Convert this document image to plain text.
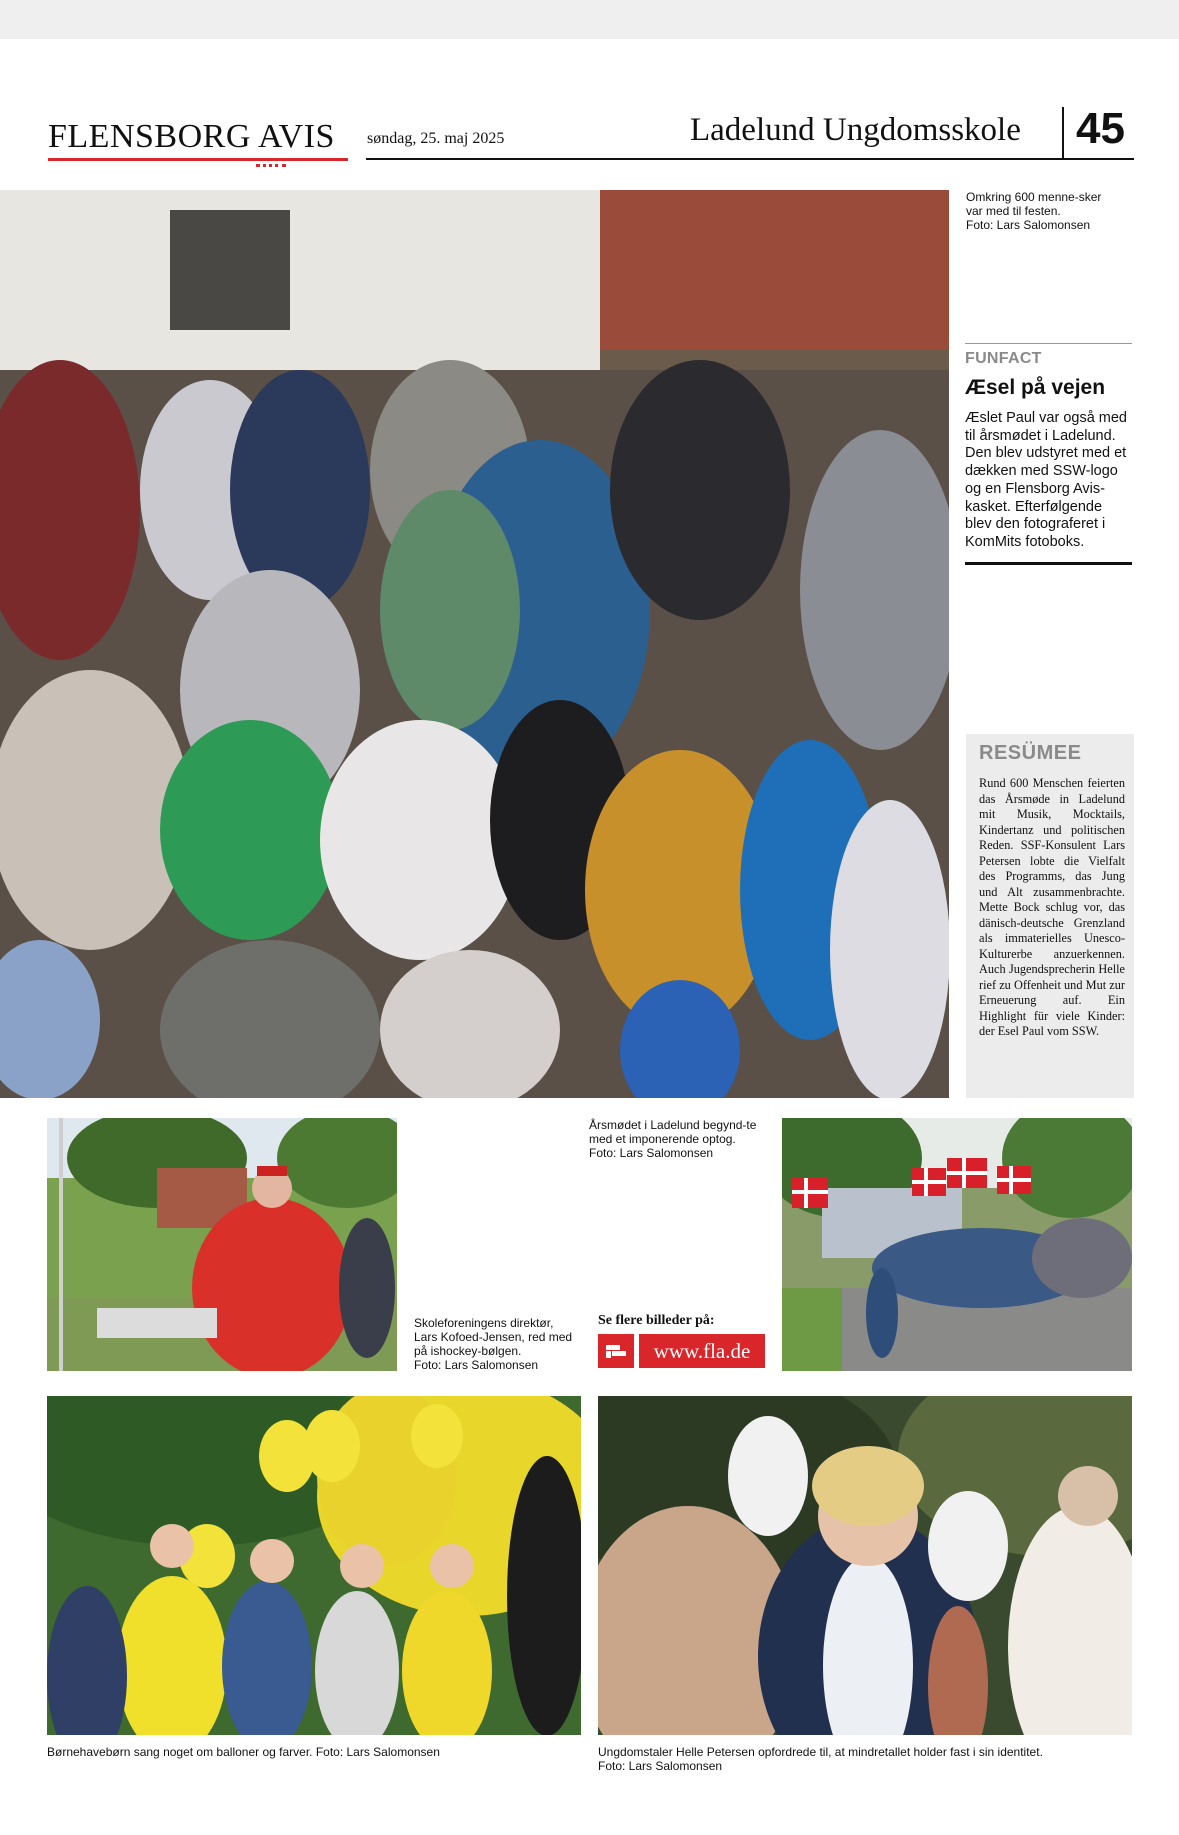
FLENSBORG AVIS søndag, 25. maj 2025	Ladelund Ungdomsskole 45
Omkring 600 menne-sker var med til festen.
Foto: Lars Salomonsen
FUNFACT
Æsel på vejen
Æslet Paul var også med til årsmødet i Ladelund. Den blev udstyret med et dækken med SSW-logo og en Flensborg Avis-kasket. Efterfølgende blev den fotograferet i KomMits fotoboks.
RESÜMEE
Rund 600 Menschen feierten das Årsmøde in Ladelund mit Musik, Mocktails, Kindertanz und politischen Reden. SSF-Konsulent Lars Petersen lobte die Vielfalt des Programms, das Jung und Alt zusammenbrachte. Mette Bock schlug vor, das dänisch-deutsche Grenzland als immaterielles Unesco-Kulturerbe anzuerkennen. Auch Jugendsprecherin Helle rief zu Offenheit und Mut zur Erneuerung auf. Ein Highlight für viele Kinder: der Esel Paul vom SSW.
Skoleforeningens direktør, Lars Kofoed-Jensen, red med på ishockey-bølgen.
Foto: Lars Salomonsen
Årsmødet i Ladelund begynd-te med et imponerende optog.
Foto: Lars Salomonsen
Se flere billeder på:
www.fla.de
Børnehavebørn sang noget om balloner og farver. Foto: Lars Salomonsen	Ungdomstaler Helle Petersen opfordrede til, at mindretallet holder fast i sin identitet.
Foto: Lars Salomonsen
